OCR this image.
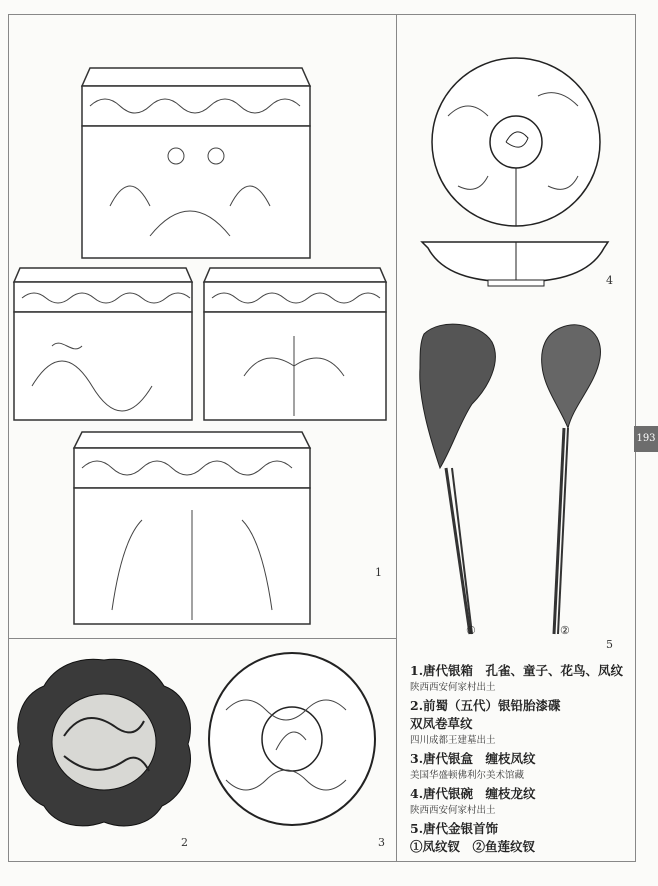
193
1
2	3
4
①	②
5
1.唐代银箱　孔雀、童子、花鸟、凤纹
陕西西安何家村出土
2.前蜀（五代）银铅胎漆碟
双凤卷草纹
四川成都王建墓出土
3.唐代银盒　缠枝凤纹
美国华盛顿佛利尔美术馆藏
4.唐代银碗　缠枝龙纹
陕西西安何家村出土
5.唐代金银首饰
①凤纹钗　②鱼莲纹钗
